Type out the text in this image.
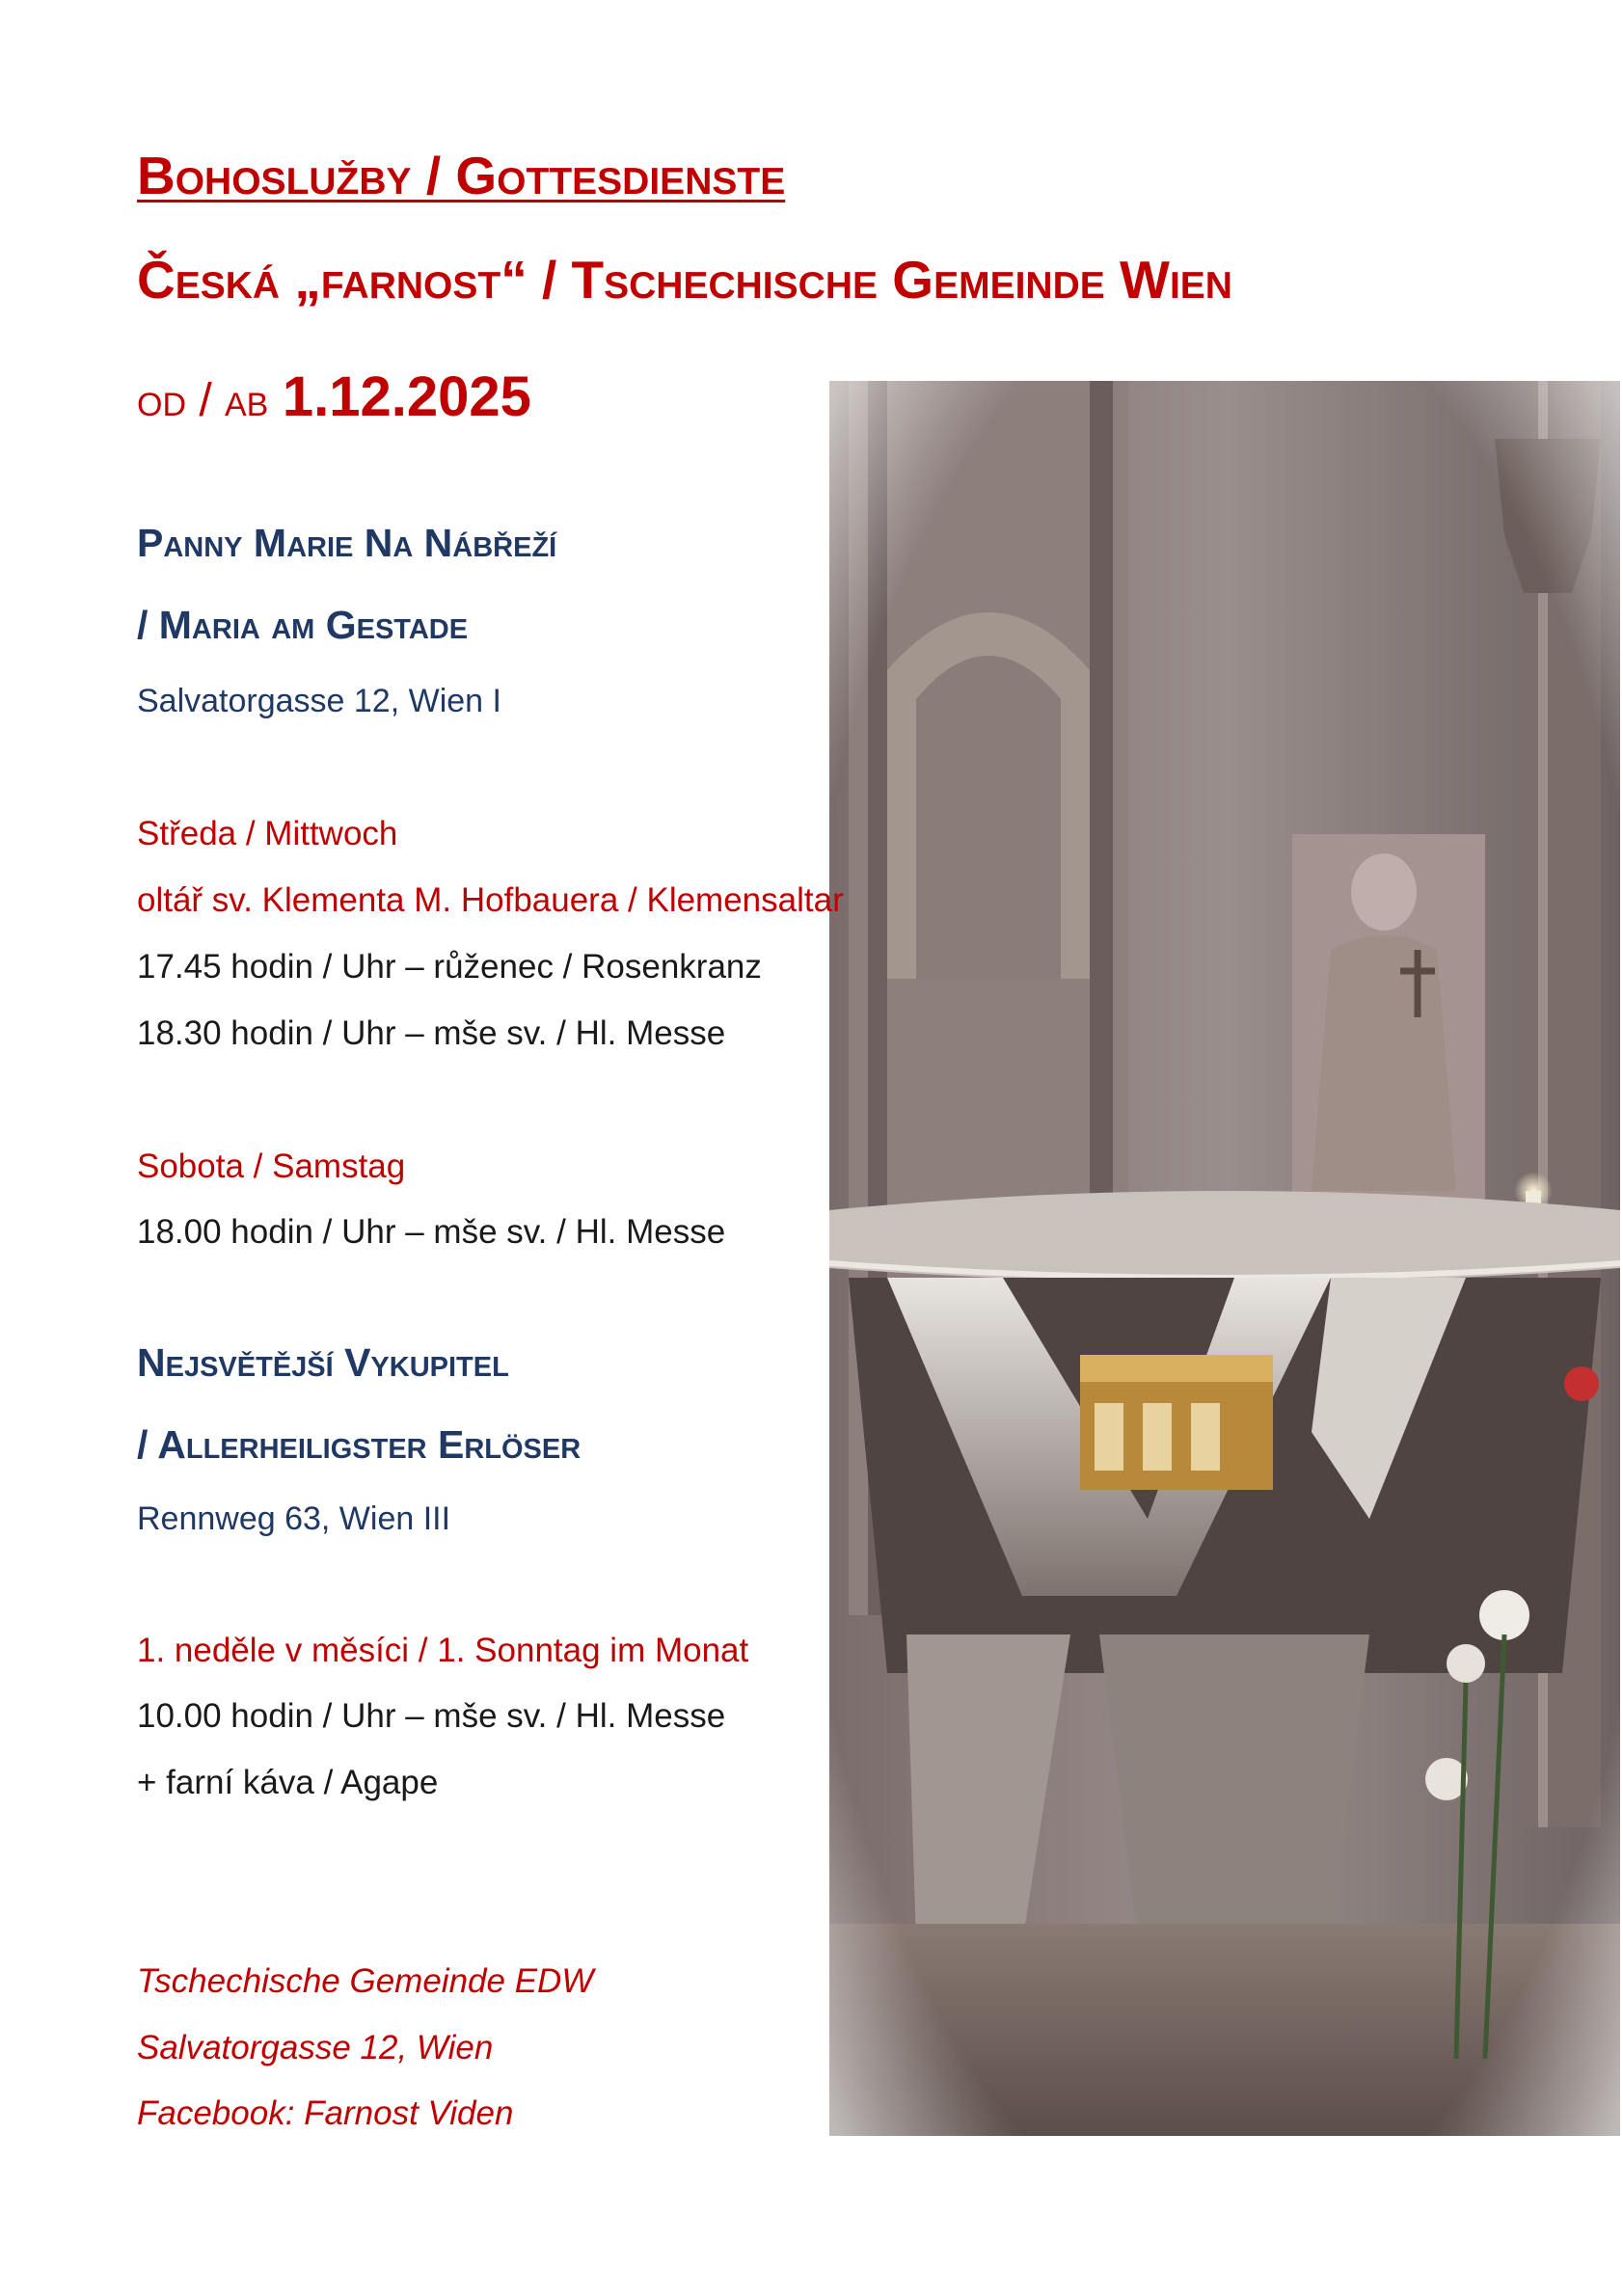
Bohoslužby / Gottesdienste
Česká „farnost“ / Tschechische Gemeinde Wien
od / ab 1.12.2025
Panny Marie Na Nábřeží
/ Maria am Gestade
Salvatorgasse 12, Wien I
Středa / Mittwoch
oltář sv. Klementa M. Hofbauera / Klemensaltar
17.45 hodin / Uhr – růženec / Rosenkranz
18.30 hodin / Uhr – mše sv. / Hl. Messe
Sobota / Samstag
18.00 hodin / Uhr – mše sv. / Hl. Messe
Nejsvětější Vykupitel
/ Allerheiligster Erlöser
Rennweg 63, Wien III
1. neděle v měsíci / 1. Sonntag im Monat
10.00 hodin / Uhr – mše sv. / Hl. Messe
+ farní káva / Agape
Tschechische Gemeinde EDW
Salvatorgasse 12, Wien
Facebook: Farnost Viden
